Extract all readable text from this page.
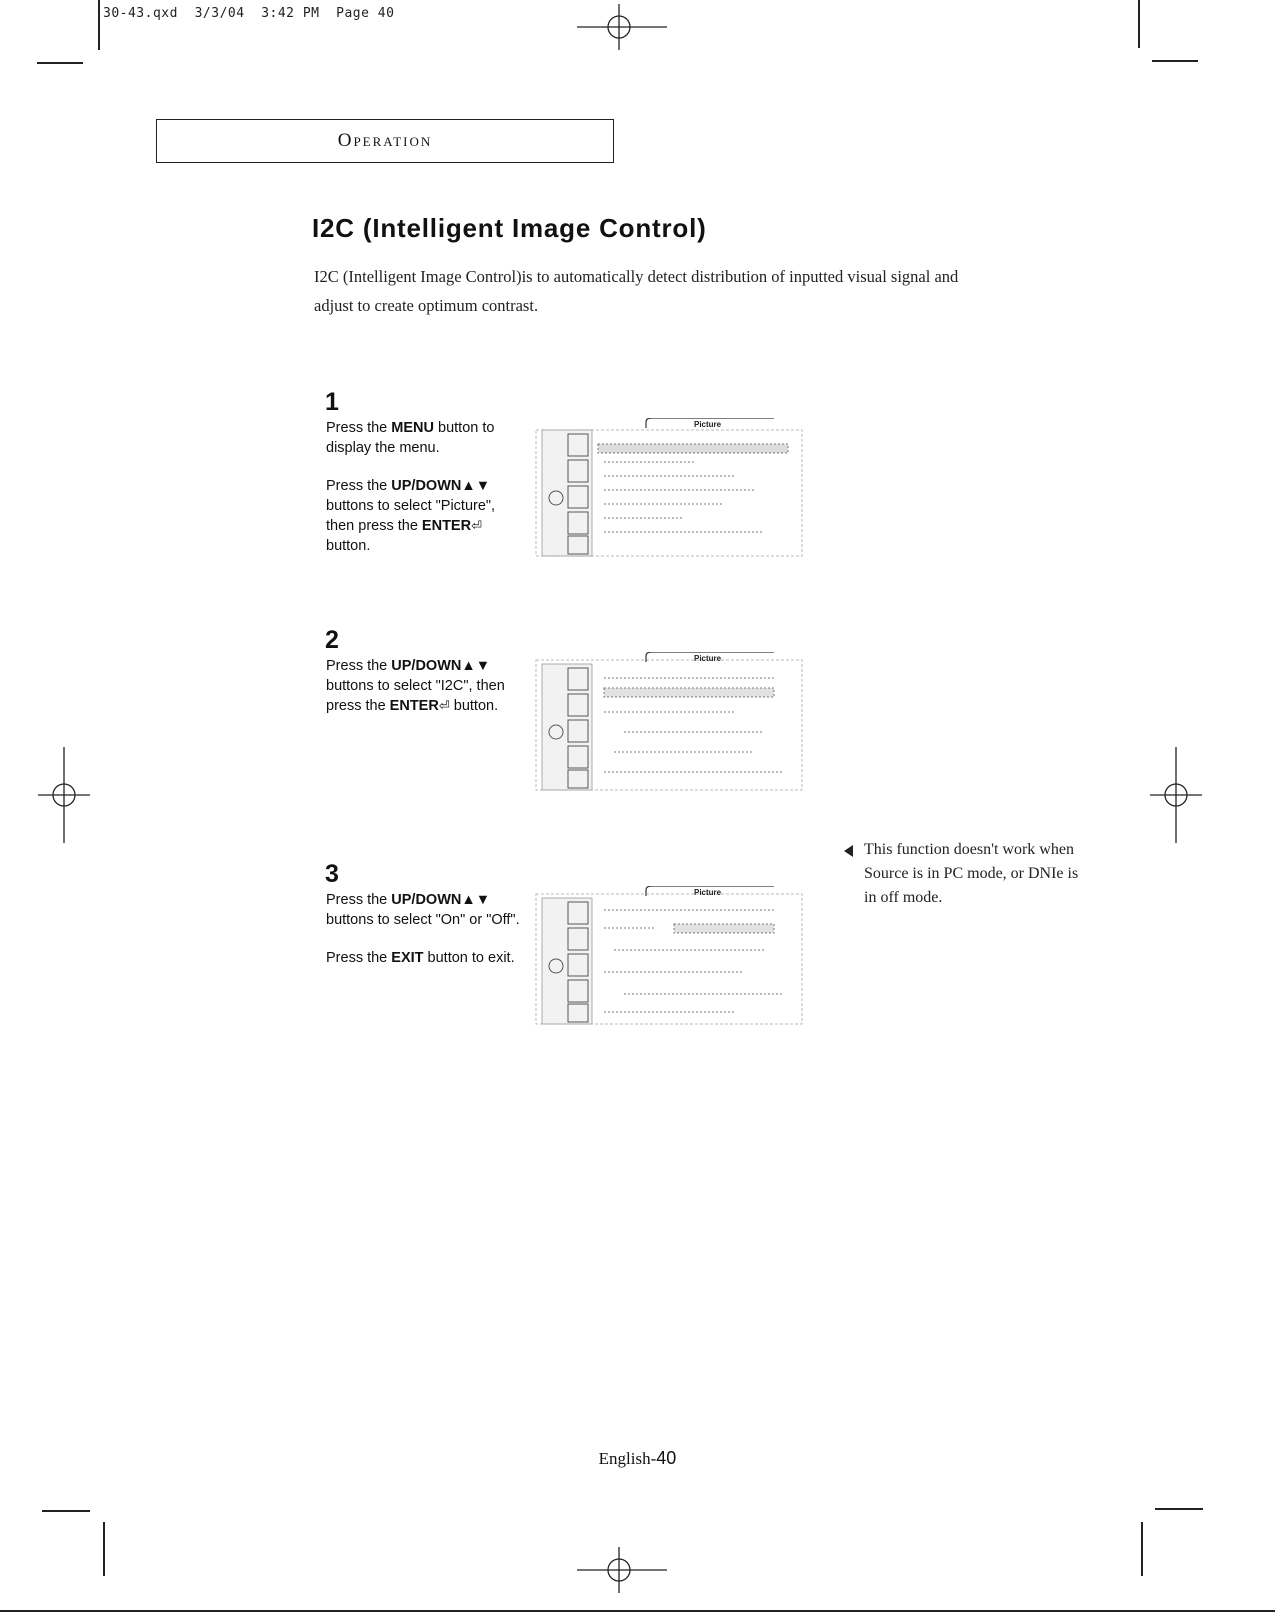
30-43.qxd  3/3/04  3:42 PM  Page 40
Operation
I2C (Intelligent Image Control)
I2C (Intelligent Image Control)is to automatically detect distribution of inputted visual signal and adjust to create optimum contrast.
1

Press the MENU button to display the menu.

Press the UP/DOWN▲▼ buttons to select "Picture", then press the ENTER⏎ button.

2

Press the UP/DOWN▲▼ buttons to select "I2C", then press the ENTER⏎ button.

3

Press the UP/DOWN▲▼ buttons to select "On" or "Off".

Press the EXIT button to exit.

Picture
Picture
Picture
This function doesn't work when Source is in PC mode, or DNIe is in off mode.
English-40
